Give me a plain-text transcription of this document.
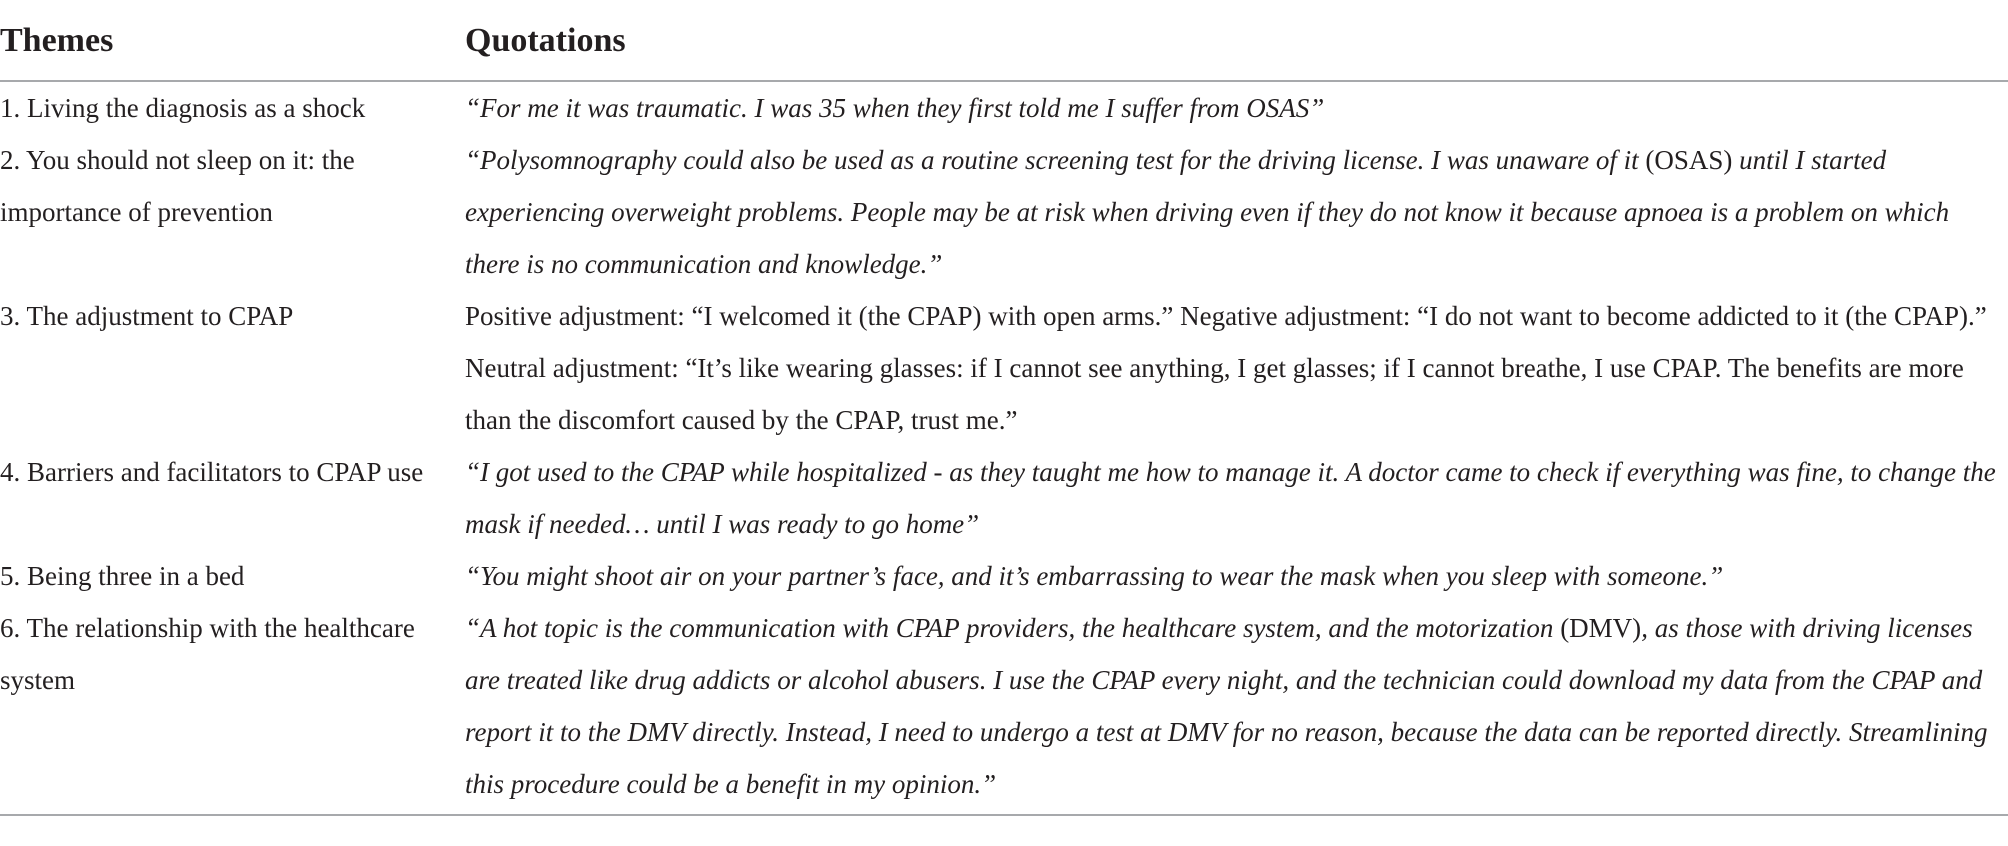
Themes	Quotations
1. Living the diagnosis as a shock	“For me it was traumatic. I was 35 when they first told me I suffer from OSAS”
2. You should not sleep on it: the importance of prevention	“Polysomnography could also be used as a routine screening test for the driving license. I was unaware of it (OSAS) until I started experiencing overweight problems. People may be at risk when driving even if they do not know it because apnoea is a problem on which there is no communication and knowledge.”
3. The adjustment to CPAP	Positive adjustment: “I welcomed it (the CPAP) with open arms.” Negative adjustment: “I do not want to become addicted to it (the CPAP).” Neutral adjustment: “It’s like wearing glasses: if I cannot see anything, I get glasses; if I cannot breathe, I use CPAP. The benefits are more than the discomfort caused by the CPAP, trust me.”
4. Barriers and facilitators to CPAP use	“I got used to the CPAP while hospitalized - as they taught me how to manage it. A doctor came to check if everything was fine, to change the mask if needed… until I was ready to go home”
5. Being three in a bed	“You might shoot air on your partner’s face, and it’s embarrassing to wear the mask when you sleep with someone.”
6. The relationship with the healthcare system	“A hot topic is the communication with CPAP providers, the healthcare system, and the motorization (DMV), as those with driving licenses are treated like drug addicts or alcohol abusers. I use the CPAP every night, and the technician could download my data from the CPAP and report it to the DMV directly. Instead, I need to undergo a test at DMV for no reason, because the data can be reported directly. Streamlining this procedure could be a benefit in my opinion.”
